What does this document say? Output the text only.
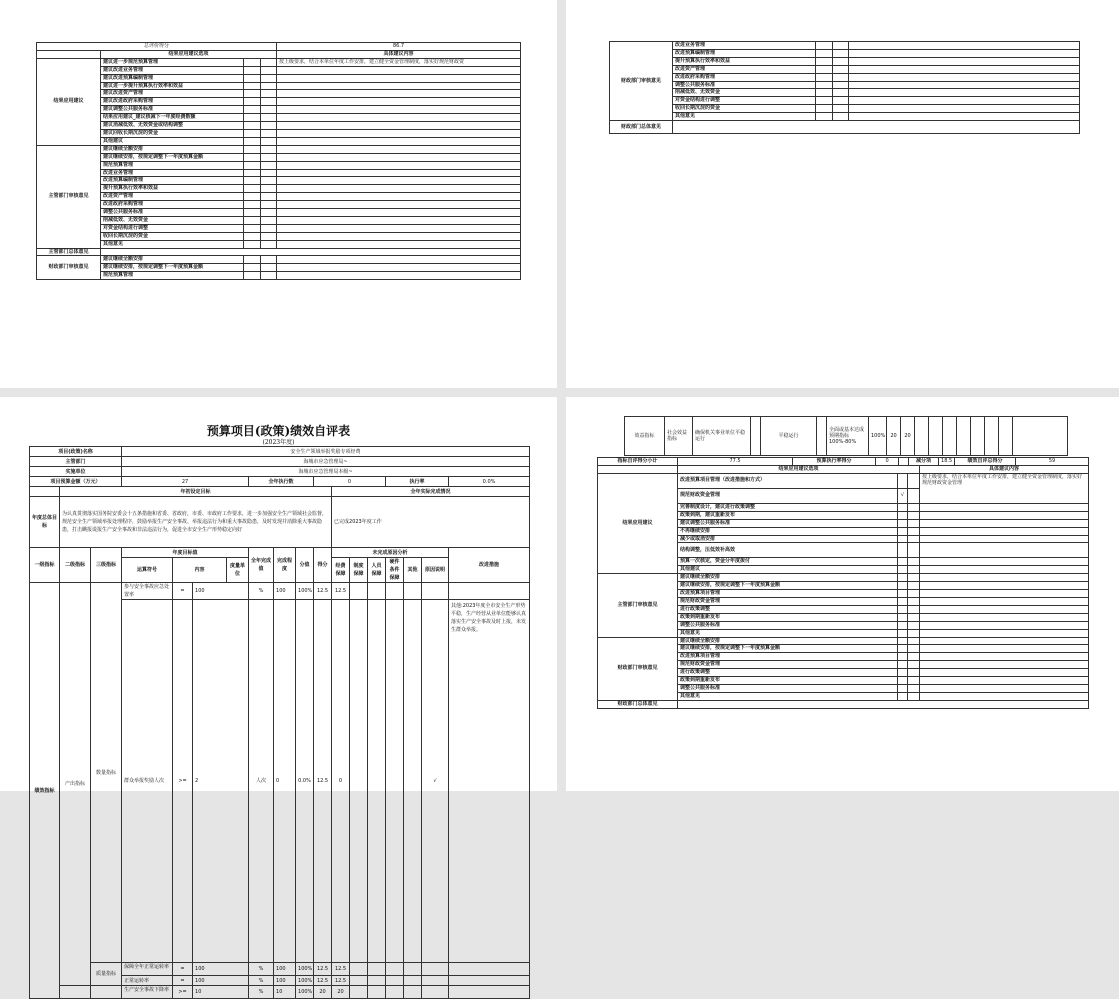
总评价得分				86.7
	结果应用建议选项			具体建议内容
结果应用建议	建议进一步规范预算管理			按上级要求，结合本单位年度工作安排，建立健全资金管理制度，落实好规范财政资
	建议改进业务管理			
	建议改进预算编制管理			
	建议进一步提升预算执行效率和效益			
	建议改进资产管理			
	建议改进政府采购管理			
	建议调整公共服务标准			
	结果应用建议_建议核减下一年度经费数额			
	建议消减低效、无效资金或结构调整			
	建议回收长期沉淀的资金			
	其他建议			
主管部门审核意见	建议继续全额安排			
	建议继续安排，按规定调整下一年度预算金额			
	规范预算管理			
	改进业务管理			
	改进预算编制管理			
	提升预算执行效率和效益			
	改进资产管理			
	改进政府采购管理			
	调整公共服务标准			
	削减低效、无效资金			
	对资金结构进行调整			
	收回长期沉淀的资金			
	其他意见			
主管部门总体意见				
财政部门审核意见	建议继续全额安排			
	建议继续安排，按规定调整下一年度预算金额			
	规范预算管理			
财政部门审核意见	改进业务管理			
	改进预算编制管理			
	提升预算执行效率和效益			
	改进资产管理			
	改进政府采购管理			
	调整公共服务标准			
	削减低效、无效资金			
	对资金结构进行调整			
	收回长期沉淀的资金			
	其他意见			
财政部门总体意见				
预算项目(政策)绩效自评表
(2023年度)
项目(政策)名称			安全生产领域举报奖励专项经费															
主管部门			海城市应急管理局~															
实施单位			海城市应急管理局本级~															
项目预算金额（万元）			27				全年执行数			0				执行率			0.0%	
	年初设定目标										全年实际完成情况							
年度总体目标	为认真贯彻落实国务院安委会十五条措施和省委、省政府，市委、市政府工作要求，进一步加强安全生产领域社会监督，规范安全生产领域举报处理程序，鼓励举报生产安全事故、举报违法行为和重大事故隐患，及时发现并消除重大事故隐患，打击瞒报谎报生产安全事故和非法违法行为，促进全市安全生产形势稳定向好										已完成2023年度工作							
一级指标	二级指标	三级指标	年度目标值				全年完成值	完成程度	分值	得分	未完成原因分析						改进措施	
			运算符号	内容		度量单位					经费保障	制度保障	人员保障	硬件条件保障	其他	原因说明		
绩效指标	产出指标	数量指标	参与安全事故应急处置率	=	100		%	100	100%	12.5	12.5							
			群众举报奖励人次	>=	2		人次	0	0.0%	12.5	0					√	其他:2023年度全市安全生产形势平稳，生产经营从业单位能够认真落实生产安全事故及时上报，未发生群众举报。	
		质量指标	保障全年正常运转率	=	100		%	100	100%	12.5	12.5							
			正常运转率	=	100		%	100	100%	12.5	12.5							
			生产安全事故下降率	>=	10		%	10	100%	20	20							
效益指标	社会效益指标	确保机关事业单位平稳运行		平稳运行		全面或基本达成预期指标100%-80%	100%	20	20								
指标自评得分小计	77.5	预算执行率得分	0		减分项	18.5	绩效自评总得分	59
	结果应用建议选项			具体建议内容
结果应用建议	改进预算项目管理（改进措施和方式）			按上级要求，结合本单位年度工作安排，建立健全资金管理制度，落实好规范财政资金管理
	规范财政资金管理	√		
	完善制度设计，建议进行政策调整			
	政策到期，建议重新发布			
	建议调整公共服务标准			
	不再继续安排			
	减少或取消安排			
	结构调整，压低效补高效			
	预算一次核定，资金分年度拨付			
	其他建议			
主管部门审核意见	建议继续全额安排			
	建议继续安排，按规定调整下一年度预算金额			
	改进预算项目管理			
	规范财政资金管理			
	进行政策调整			
	政策到期重新发布			
	调整公共服务标准			
	其他意见			
财政部门审核意见	建议继续全额安排			
	建议继续安排，按规定调整下一年度预算金额			
	改进预算项目管理			
	规范财政资金管理			
	进行政策调整			
	政策到期重新发布			
	调整公共服务标准			
	其他意见			
财政部门总体意见				
